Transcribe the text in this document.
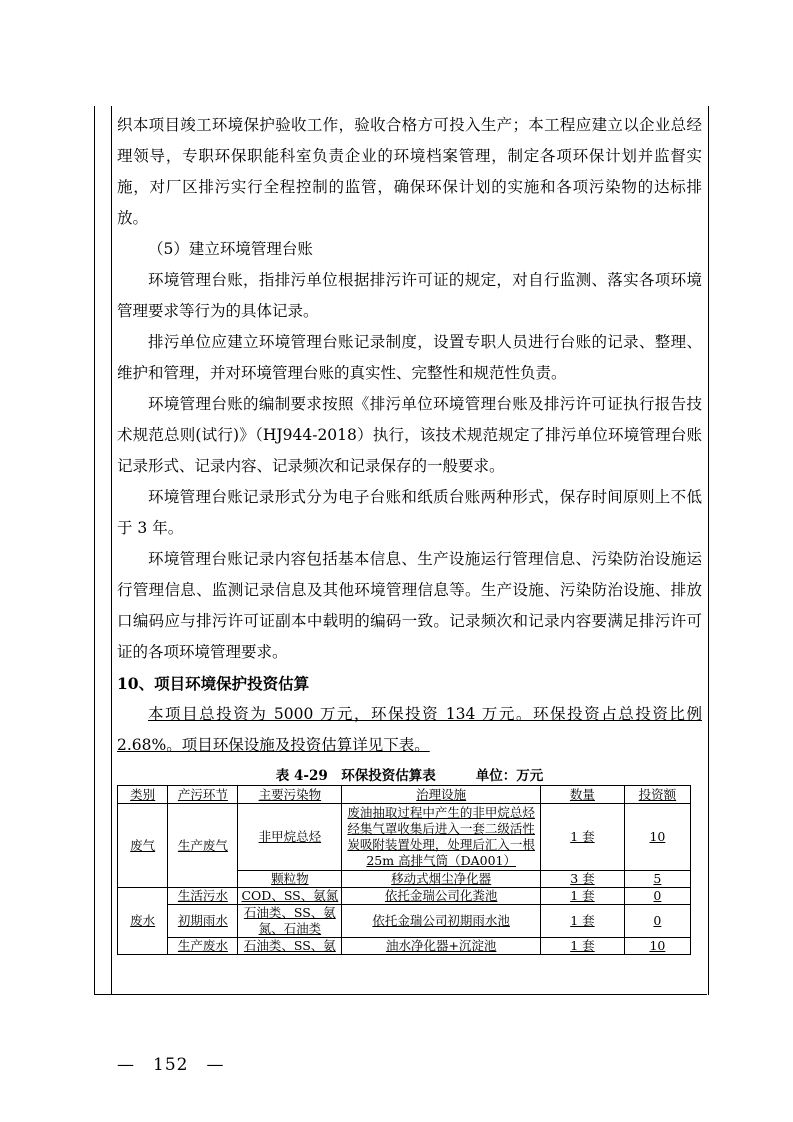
织本项目竣工环境保护验收工作，验收合格方可投入生产；本工程应建立以企业总经理领导，专职环保职能科室负责企业的环境档案管理，制定各项环保计划并监督实施，对厂区排污实行全程控制的监管，确保环保计划的实施和各项污染物的达标排放。

（5）建立环境管理台账

环境管理台账，指排污单位根据排污许可证的规定，对自行监测、落实各项环境管理要求等行为的具体记录。

排污单位应建立环境管理台账记录制度，设置专职人员进行台账的记录、整理、维护和管理，并对环境管理台账的真实性、完整性和规范性负责。

环境管理台账的编制要求按照《排污单位环境管理台账及排污许可证执行报告技术规范总则(试行)》（HJ944-2018）执行，该技术规范规定了排污单位环境管理台账记录形式、记录内容、记录频次和记录保存的一般要求。

环境管理台账记录形式分为电子台账和纸质台账两种形式，保存时间原则上不低于 3 年。

环境管理台账记录内容包括基本信息、生产设施运行管理信息、污染防治设施运行管理信息、监测记录信息及其他环境管理信息等。生产设施、污染防治设施、排放口编码应与排污许可证副本中载明的编码一致。记录频次和记录内容要满足排污许可证的各项环境管理要求。

10、项目环境保护投资估算

本项目总投资为 5000 万元，环保投资 134 万元。环保投资占总投资比例 2.68%。项目环保设施及投资估算详见下表。

表 4-29　环保投资估算表	单位：万元
类别	产污环节	主要污染物	治理设施	数量	投资额
废气	生产废气	非甲烷总烃	废油抽取过程中产生的非甲烷总烃经集气罩收集后进入一套二级活性炭吸附装置处理，处理后汇入一根 25m 高排气筒（DA001）	1 套	10
		颗粒物	移动式烟尘净化器	3 套	5
废水	生活污水	COD、SS、氨氮	依托金瑞公司化粪池	1 套	0
	初期雨水	石油类、SS、氨氮、石油类	依托金瑞公司初期雨水池	1 套	0
	生产废水	石油类、SS、氨	油水净化器+沉淀池	1 套	10
—　152　—
